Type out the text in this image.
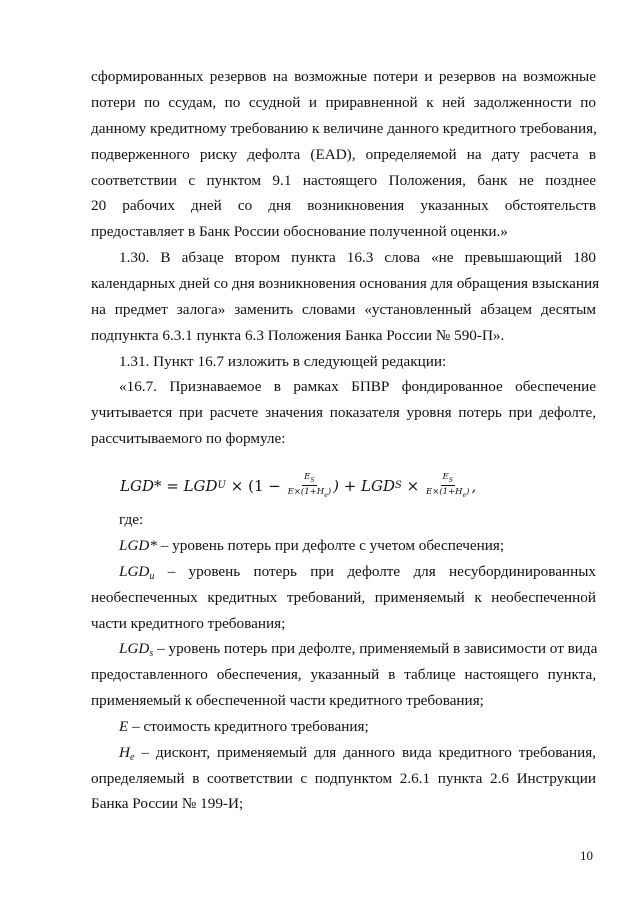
сформированных резервов на возможные потери и резервов на возможные
потери по ссудам, по ссудной и приравненной к ней задолженности по
данному кредитному требованию к величине данного кредитного требования,
подверженного риску дефолта (EAD), определяемой на дату расчета в
соответствии с пунктом 9.1 настоящего Положения, банк не позднее
20 рабочих дней со дня возникновения указанных обстоятельств
предоставляет в Банк России обоснование полученной оценки.»
1.30. В абзаце втором пункта 16.3 слова «не превышающий 180
календарных дней со дня возникновения основания для обращения взыскания
на предмет залога» заменить словами «установленный абзацем десятым
подпункта 6.3.1 пункта 6.3 Положения Банка России № 590-П».
1.31. Пункт 16.7 изложить в следующей редакции:
«16.7. Признаваемое в рамках БПВР фондированное обеспечение
учитывается при расчете значения показателя уровня потерь при дефолте,
рассчитываемого по формуле:
LGD* = LGD $U \times (1 - \frac{E_S}{E\times(1+H_e)}$ ) + LGD $S \times \frac{E_S}{E\times(1+H_e)}$ ,
где:
LGD* – уровень потерь при дефолте с учетом обеспечения;
$LGD_u$ – уровень потерь при дефолте для несубординированных
необеспеченных кредитных требований, применяемый к необеспеченной
части кредитного требования;
$LGD_s$ – уровень потерь при дефолте, применяемый в зависимости от вида
предоставленного обеспечения, указанный в таблице настоящего пункта,
применяемый к обеспеченной части кредитного требования;
E – стоимость кредитного требования;
$H_e$ – дисконт, применяемый для данного вида кредитного требования,
определяемый в соответствии с подпунктом 2.6.1 пункта 2.6 Инструкции
Банка России № 199-И;
10
